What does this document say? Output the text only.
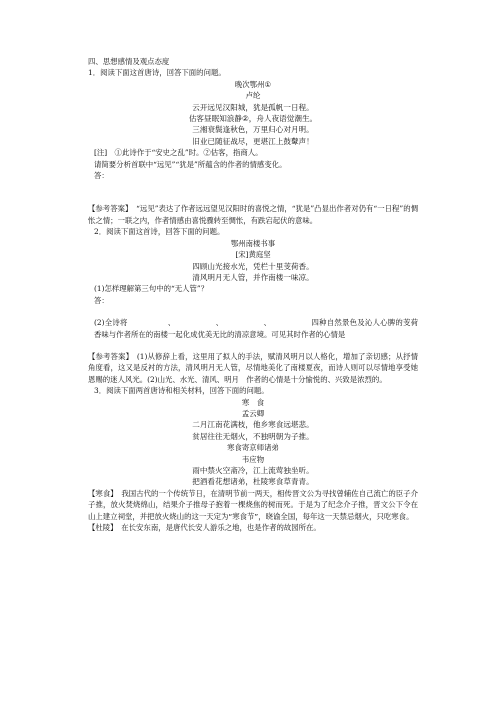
四、思想感情及观点态度
1．阅读下面这首唐诗，回答下面的问题。
晚次鄂州①
卢纶
云开远见汉阳城，犹是孤帆一日程。
估客昼眠知浪静②，舟人夜语觉潮生。
三湘衰鬓逢秋色，万里归心对月明。
旧业已随征战尽，更堪江上鼓鼙声！
[注]　①此诗作于“安史之乱”时。②估客，指商人。
请简要分析首联中“远见”“犹是”所蕴含的作者的情感变化。
答：
【参考答案】　“远见”表达了作者远远望见汉阳时的喜悦之情，“犹是”凸显出作者对仍有“一日程”的惆怅之情；一联之内，作者情感由喜悦骤转至惆怅，有跌宕起伏的意味。
2．阅读下面这首诗，回答下面的问题。
鄂州南楼书事
[宋]黄庭坚
四顾山光接水光，凭栏十里芰荷香。
清风明月无人管，并作南楼一味凉。
(1)怎样理解第三句中的“无人管”？
答：
(2)全诗将	、	、	、	四种自然景色及沁人心脾的芰荷香味与作者所在的南楼一起化成优美无比的清凉意境。可见其时作者的心情是
【参考答案】　(1)从修辞上看，这里用了拟人的手法，赋清风明月以人格化，增加了亲切感；从抒情角度看，这又是反衬的方法，清风明月无人管，尽情地美化了南楼夏夜，而诗人则可以尽情地享受她恩赐的迷人风光。(2)山光、水光、清风、明月　作者的心情是十分愉悦的、兴致是浓烈的。
3．阅读下面两首唐诗和相关材料，回答下面的问题。
寒　食
孟云卿
二月江南花满枝，他乡寒食远堪悲。
贫居往往无烟火，不独明朝为子推。
寒食寄京师诸弟
韦应物
雨中禁火空斋冷，江上流莺独坐听。
把酒看花想诸弟，杜陵寒食草青青。
【寒食】　我国古代的一个传统节日，在清明节前一两天，相传晋文公为寻找曾辅佐自己流亡的臣子介子推，放火焚烧绵山，结果介子推母子抱着一棵烧焦的树而死。于是为了纪念介子推，晋文公下令在山上建立祠堂，并把放火烧山的这一天定为“寒食节”，晓谕全国，每年这一天禁忌烟火，只吃寒食。
【杜陵】　在长安东南，是唐代长安人游乐之地，也是作者的故园所在。
